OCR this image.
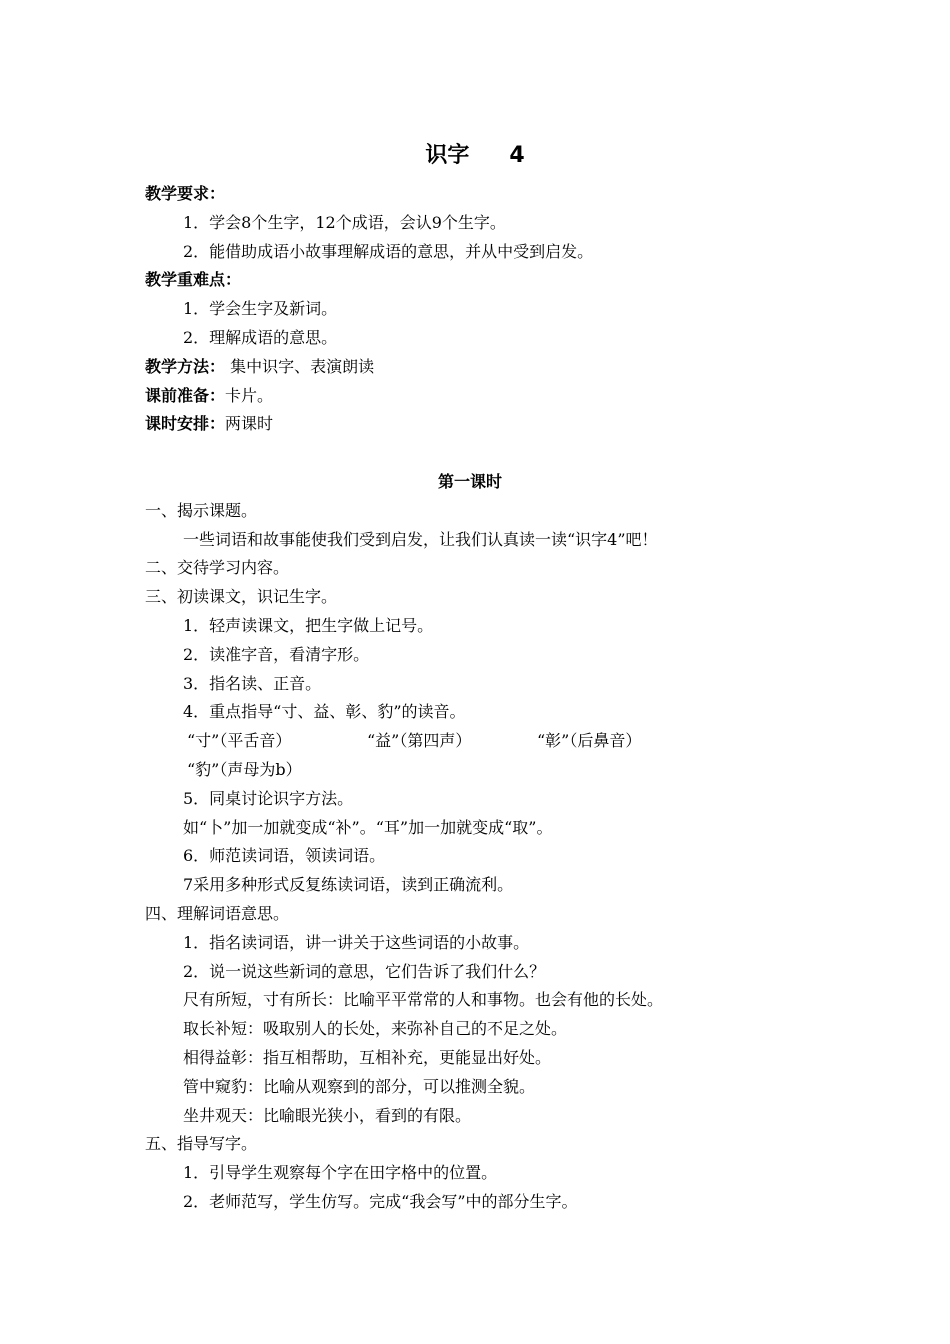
识字 4
教学要求：
1．学会8个生字，12个成语，会认9个生字。
2．能借助成语小故事理解成语的意思，并从中受到启发。
教学重难点：
1．学会生字及新词。
2．理解成语的意思。
教学方法： 集中识字、表演朗读
课前准备：卡片。
课时安排：两课时
第一课时
一、揭示课题。
一些词语和故事能使我们受到启发，让我们认真读一读“识字4”吧！
二、交待学习内容。
三、初读课文，识记生字。
1．轻声读课文，把生字做上记号。
2．读准字音，看清字形。
3．指名读、正音。
4．重点指导“寸、益、彰、豹”的读音。
“寸”（平舌音）	“益”（第四声）	“彰”（后鼻音）
“豹”（声母为b）
5．同桌讨论识字方法。
如“卜”加一加就变成“补”。“耳”加一加就变成“取”。
6．师范读词语，领读词语。
7采用多种形式反复练读词语，读到正确流利。
四、理解词语意思。
1．指名读词语，讲一讲关于这些词语的小故事。
2．说一说这些新词的意思，它们告诉了我们什么？
尺有所短，寸有所长：比喻平平常常的人和事物。也会有他的长处。
取长补短：吸取别人的长处，来弥补自己的不足之处。
相得益彰：指互相帮助，互相补充，更能显出好处。
管中窥豹：比喻从观察到的部分，可以推测全貌。
坐井观天：比喻眼光狭小，看到的有限。
五、指导写字。
1．引导学生观察每个字在田字格中的位置。
2．老师范写，学生仿写。完成“我会写”中的部分生字。
